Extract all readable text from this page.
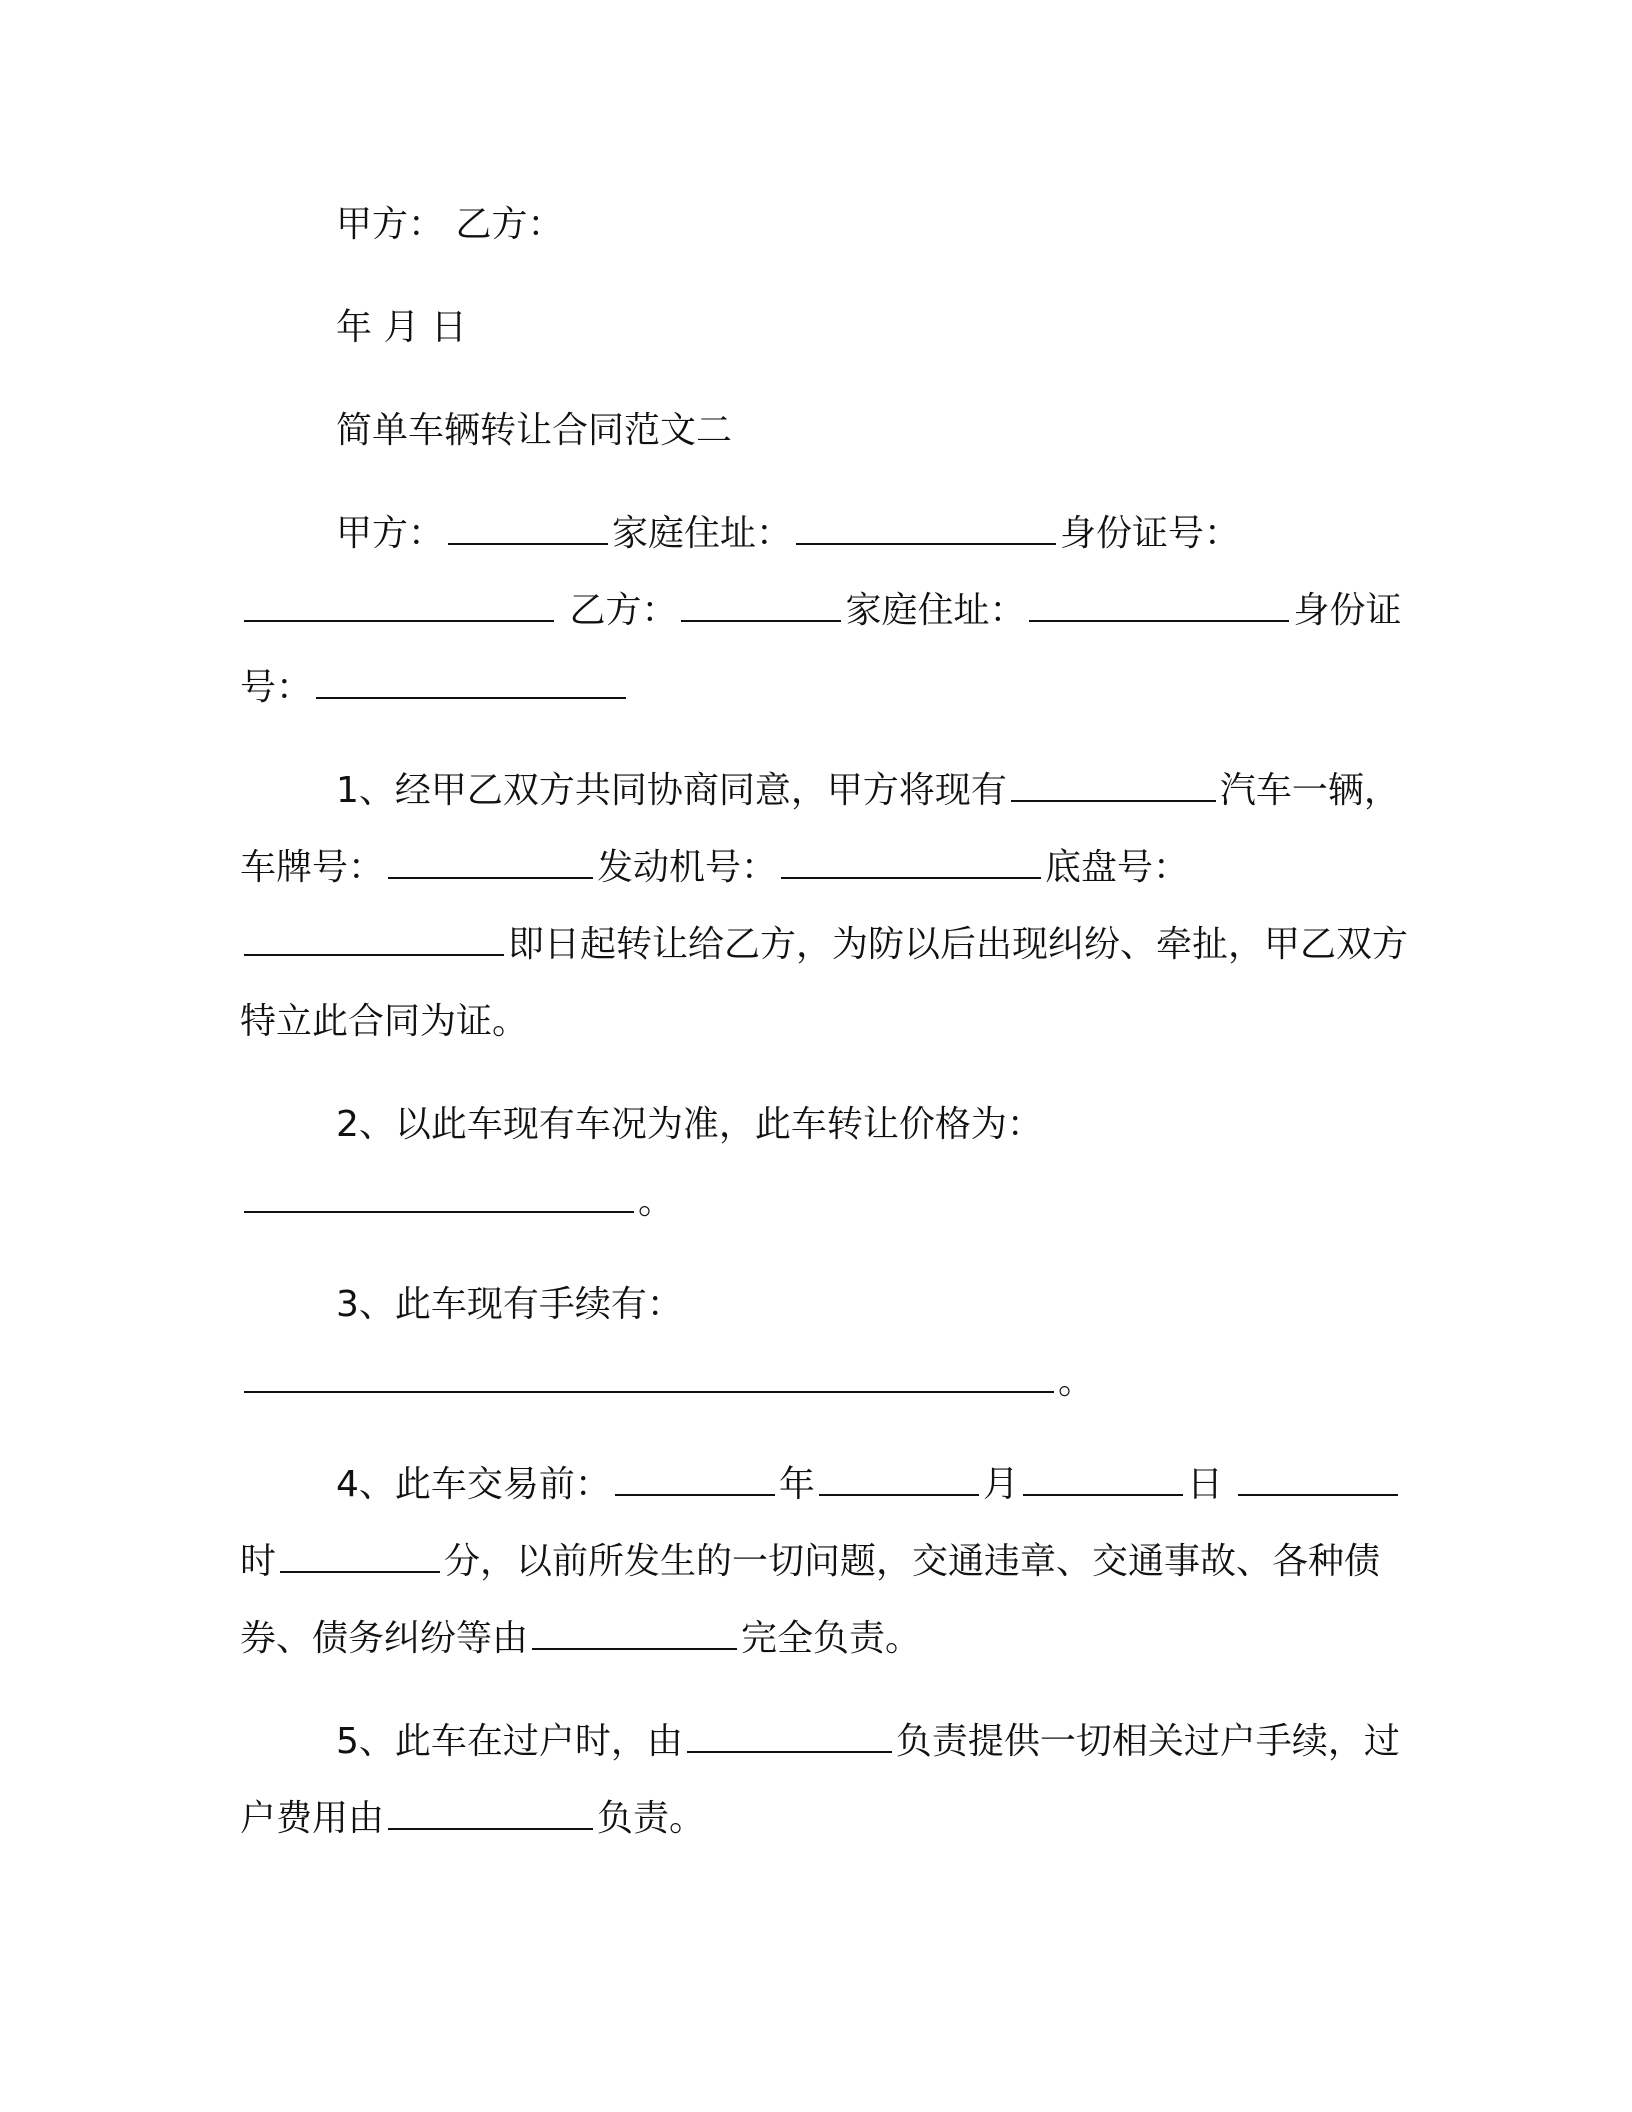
甲方： 乙方：

年 月 日

简单车辆转让合同范文二

甲方：	家庭住址：	身份证号： 乙方：	家庭住址：	身份证号：

1、经甲乙双方共同协商同意，甲方将现有	汽车一辆，车牌号：	发动机号：	底盘号：即日起转让给乙方，为防以后出现纠纷、牵扯，甲乙双方特立此合同为证。

2、以此车现有车况为准，此车转让价格为： 。

3、此车现有手续有： 。

4、此车交易前：	年	月	日 时	分，以前所发生的一切问题，交通违章、交通事故、各种债券、债务纠纷等由	完全负责。

5、此车在过户时，由	负责提供一切相关过户手续，过户费用由	负责。
